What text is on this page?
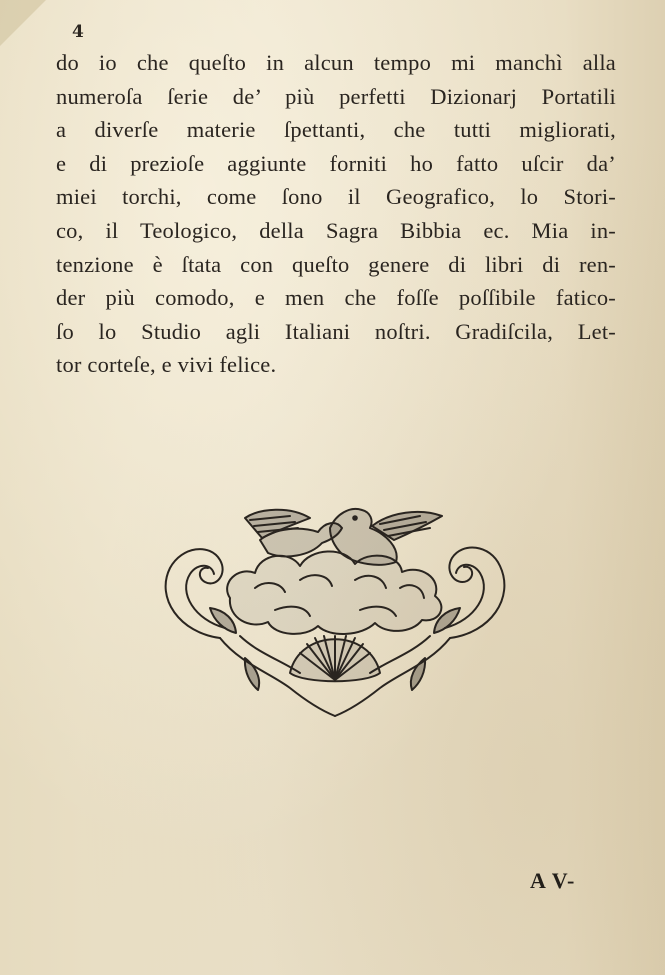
4
do io che queſto in alcun tempo mi manchì alla
numeroſa ſerie de’ più perfetti Dizionarj Portatili
a diverſe materie ſpettanti, che tutti migliorati,
e di prezioſe aggiunte forniti ho fatto uſcir da’
miei torchi, come ſono il Geografico, lo Stori-
co, il Teologico, della Sagra Bibbia ec. Mia in-
tenzione è ſtata con queſto genere di libri di ren-
der più comodo, e men che foſſe poſſibile fatico-
ſo lo Studio agli Italiani noſtri. Gradiſcila, Let-
tor corteſe, e vivi felice.
A V-
